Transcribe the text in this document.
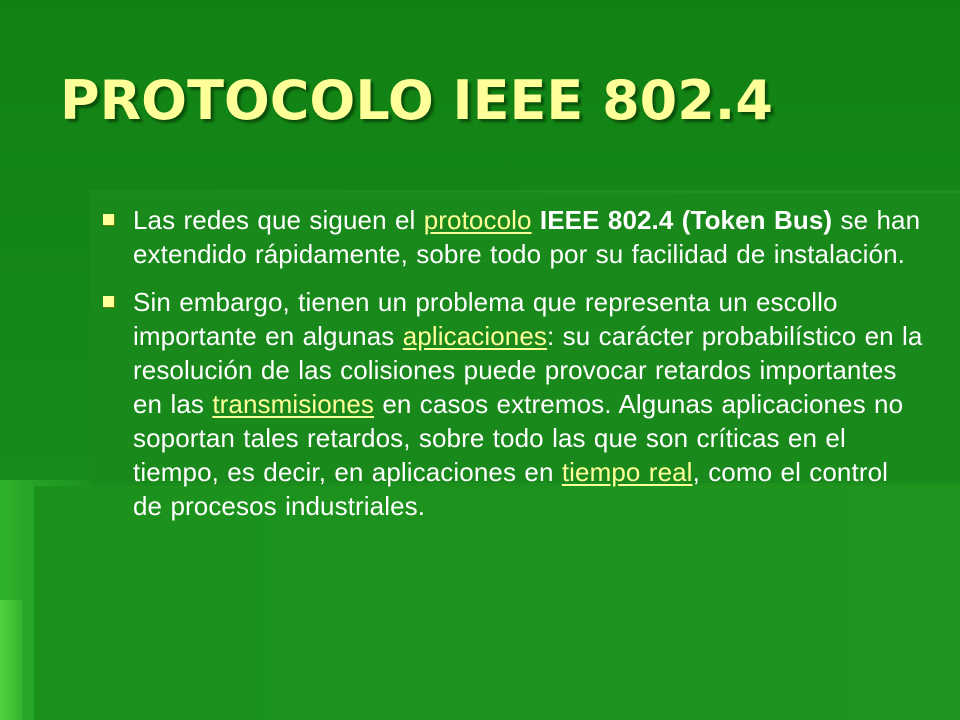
PROTOCOLO IEEE 802.4
Las redes que siguen el protocolo IEEE 802.4 (Token Bus) se han extendido rápidamente, sobre todo por su facilidad de instalación.
Sin embargo, tienen un problema que representa un escollo importante en algunas aplicaciones: su carácter probabilístico en la resolución de las colisiones puede provocar retardos importantes en las transmisiones en casos extremos. Algunas aplicaciones no soportan tales retardos, sobre todo las que son críticas en el tiempo, es decir, en aplicaciones en tiempo real, como el control de procesos industriales.
